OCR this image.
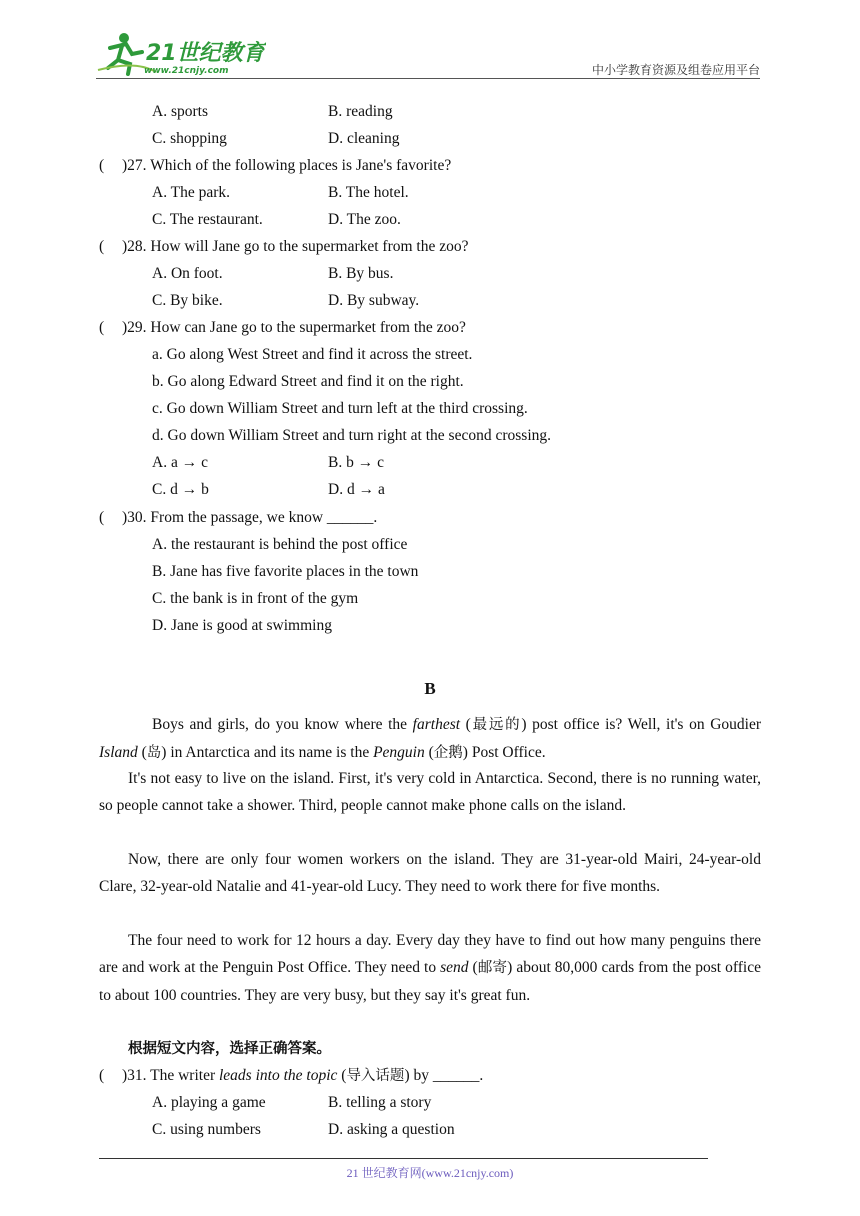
21世纪教育
www.21cnjy.com	中小学教育资源及组卷应用平台
A. sports	B. reading
C. shopping	D. cleaning
( )27. Which of the following places is Jane's favorite?
A. The park.	B. The hotel.
C. The restaurant.	D. The zoo.
( )28. How will Jane go to the supermarket from the zoo?
A. On foot.	B. By bus.
C. By bike.	D. By subway.
( )29. How can Jane go to the supermarket from the zoo?
a. Go along West Street and find it across the street.
b. Go along Edward Street and find it on the right.
c. Go down William Street and turn left at the third crossing.
d. Go down William Street and turn right at the second crossing.
A. a → c	B. b → c
C. d → b	D. d → a
( )30. From the passage, we know ______.
A. the restaurant is behind the post office
B. Jane has five favorite places in the town
C. the bank is in front of the gym
D. Jane is good at swimming
B
Boys and girls, do you know where the farthest (最远的) post office is? Well, it's on Goudier Island (岛) in Antarctica and its name is the Penguin (企鹅) Post Office.
It's not easy to live on the island. First, it's very cold in Antarctica. Second, there is no running water, so people cannot take a shower. Third, people cannot make phone calls on the island.
Now, there are only four women workers on the island. They are 31-year-old Mairi, 24-year-old Clare, 32-year-old Natalie and 41-year-old Lucy. They need to work there for five months.
The four need to work for 12 hours a day. Every day they have to find out how many penguins there are and work at the Penguin Post Office. They need to send (邮寄) about 80,000 cards from the post office to about 100 countries. They are very busy, but they say it's great fun.
根据短文内容，选择正确答案。
( )31. The writer leads into the topic (导入话题) by ______.
A. playing a game	B. telling a story
C. using numbers	D. asking a question
21 世纪教育网(www.21cnjy.com)
